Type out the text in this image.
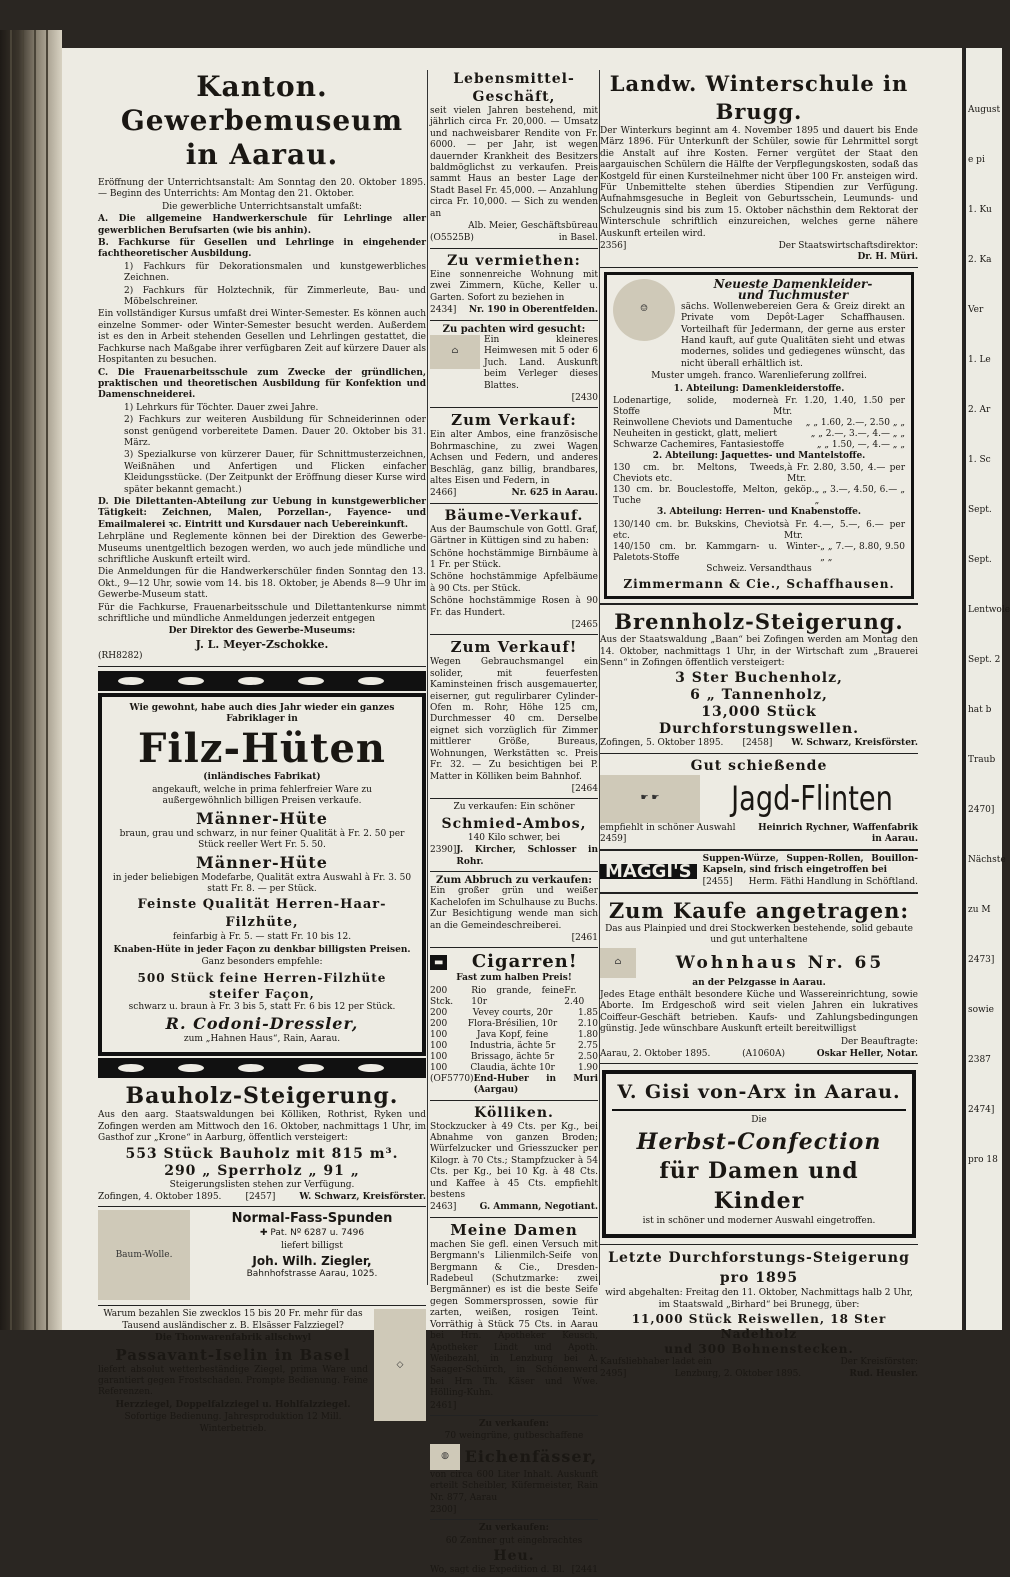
August
e pi
1. Ku
2. Ka
Ver
1. Le
2. Ar
1. Sc
Sept.
Sept.
Lentwole
Sept. 2
hat b
Traub
2470]
Nächste
zu M
2473]
sowie
2387
2474]
pro 18
Kanton. Gewerbemuseum
in Aarau.

Eröffnung der Unterrichtsanstalt: Am Sonntag den 20. Oktober 1895. — Beginn des Unterrichts: Am Montag den 21. Oktober.

Die gewerbliche Unterrichtsanstalt umfaßt:

A. Die allgemeine Handwerkerschule für Lehrlinge aller gewerblichen Berufsarten (wie bis anhin).

B. Fachkurse für Gesellen und Lehrlinge in eingehender fachtheoretischer Ausbildung.

1) Fachkurs für Dekorationsmalen und kunstgewerbliches Zeichnen.

2) Fachkurs für Holztechnik, für Zimmerleute, Bau- und Möbelschreiner.

Ein vollständiger Kursus umfaßt drei Winter-Semester. Es können auch einzelne Sommer- oder Winter-Semester besucht werden. Außerdem ist es den in Arbeit stehenden Gesellen und Lehrlingen gestattet, die Fachkurse nach Maßgabe ihrer verfügbaren Zeit auf kürzere Dauer als Hospitanten zu besuchen.

C. Die Frauenarbeitsschule zum Zwecke der gründlichen, praktischen und theoretischen Ausbildung für Konfektion und Damenschneiderei.

1) Lehrkurs für Töchter. Dauer zwei Jahre.

2) Fachkurs zur weiteren Ausbildung für Schneiderinnen oder sonst genügend vorbereitete Damen. Dauer 20. Oktober bis 31. März.

3) Spezialkurse von kürzerer Dauer, für Schnittmusterzeichnen, Weißnähen und Anfertigen und Flicken einfacher Kleidungsstücke. (Der Zeitpunkt der Eröffnung dieser Kurse wird später bekannt gemacht.)

D. Die Dilettanten-Abteilung zur Uebung in kunstgewerblicher Tätigkeit: Zeichnen, Malen, Porzellan-, Fayence- und Emailmalerei ꝛc. Eintritt und Kursdauer nach Uebereinkunft.

Lehrpläne und Reglemente können bei der Direktion des Gewerbe-Museums unentgeltlich bezogen werden, wo auch jede mündliche und schriftliche Auskunft erteilt wird.

Die Anmeldungen für die Handwerkerschüler finden Sonntag den 13. Okt., 9—12 Uhr, sowie vom 14. bis 18. Oktober, je Abends 8—9 Uhr im Gewerbe-Museum statt.

Für die Fachkurse, Frauenarbeitsschule und Dilettantenkurse nimmt schriftliche und mündliche Anmeldungen jederzeit entgegen

Der Direktor des Gewerbe-Museums:

J. L. Meyer-Zschokke.

(RH8282)

Wie gewohnt, habe auch dies Jahr wieder ein ganzes Fabriklager in

Filz-Hüten

(inländisches Fabrikat)

angekauft, welche in prima fehlerfreier Ware zu außergewöhnlich billigen Preisen verkaufe.

Männer-Hüte

braun, grau und schwarz, in nur feiner Qualität à Fr. 2. 50 per Stück reeller Wert Fr. 5. 50.

Männer-Hüte

in jeder beliebigen Modefarbe, Qualität extra Auswahl à Fr. 3. 50 statt Fr. 8. — per Stück.

Feinste Qualität Herren-Haar-Filzhüte,

feinfarbig à Fr. 5. — statt Fr. 10 bis 12.

Knaben-Hüte in jeder Façon zu denkbar billigsten Preisen.

Ganz besonders empfehle:

500 Stück feine Herren-Filzhüte steifer Façon,

schwarz u. braun à Fr. 3 bis 5, statt Fr. 6 bis 12 per Stück.

R. Codoni-Dressler,

zum „Hahnen Haus“, Rain, Aarau.

Bauholz-Steigerung.

Aus den aarg. Staatswaldungen bei Kölliken, Rothrist, Ryken und Zofingen werden am Mittwoch den 16. Oktober, nachmittags 1 Uhr, im Gasthof zur „Krone“ in Aarburg, öffentlich versteigert:

553 Stück Bauholz mit 815 m³.
290 „ Sperrholz „ 91 „

Steigerungslisten stehen zur Verfügung.

Zofingen, 4. Oktober 1895.	[2457]	W. Schwarz, Kreisförster.
Baum-Wolle.
Normal-Fass-Spunden

✚ Pat. Nº 6287 u. 7496

liefert billigst

Joh. Wilh. Ziegler,

Bahnhofstrasse Aarau, 1025.

Warum bezahlen Sie zwecklos 15 bis 20 Fr. mehr für das Tausend ausländischer z. B. Elsässer Falzziegel?

Die Thonwarenfabrik allschwyl

Passavant-Iselin in Basel

liefert absolut wetterbeständige Ziegel, prima Ware und garantiert gegen Frostschaden. Prompte Bedienung. Feine Referenzen.

Herzziegel, Doppelfalzziegel u. Hohlfalzziegel.

Sofortige Bedienung. Jahresproduktion 12 Mill. Winterbetrieb.

◇
Lebensmittel-Geschäft,

seit vielen Jahren bestehend, mit jährlich circa Fr. 20,000. — Umsatz und nachweisbarer Rendite von Fr. 6000. — per Jahr, ist wegen dauernder Krankheit des Besitzers baldmöglichst zu verkaufen. Preis sammt Haus an bester Lage der Stadt Basel Fr. 45,000. — Anzahlung circa Fr. 10,000. — Sich zu wenden an

Alb. Meier, Geschäftsbüreau

(O5525B)	in Basel.
Zu vermiethen:

Eine sonnenreiche Wohnung mit zwei Zimmern, Küche, Keller u. Garten. Sofort zu beziehen in

2434] Nr. 190 in Oberentfelden.
Zu pachten wird gesucht:
⌂

Ein kleineres Heimwesen mit 5 oder 6 Juch. Land. Auskunft beim Verleger dieses Blattes.

[2430

Zum Verkauf:

Ein alter Ambos, eine französische Bohrmaschine, zu zwei Wagen Achsen und Federn, und anderes Beschläg, ganz billig, brandbares, altes Eisen und Federn, in

2466]	Nr. 625 in Aarau.
Bäume-Verkauf.

Aus der Baumschule von Gottl. Graf, Gärtner in Küttigen sind zu haben:

Schöne hochstämmige Birnbäume à 1 Fr. per Stück.

Schöne hochstämmige Apfelbäume à 90 Cts. per Stück.

Schöne hochstämmige Rosen à 90 Fr. das Hundert.

[2465

Zum Verkauf!

Wegen Gebrauchsmangel ein solider, mit feuerfesten Kaminsteinen frisch ausgemauerter, eiserner, gut regulirbarer Cylinder-Ofen m. Rohr, Höhe 125 cm, Durchmesser 40 cm. Derselbe eignet sich vorzüglich für Zimmer mittlerer Größe, Bureaus, Wohnungen, Werkstätten ꝛc. Preis Fr. 32. — Zu besichtigen bei P. Matter in Kölliken beim Bahnhof.

[2464

Zu verkaufen: Ein schöner

Schmied-Ambos,

140 Kilo schwer, bei

2390] J. Kircher, Schlosser in Rohr.
Zum Abbruch zu verkaufen:

Ein großer grün und weißer Kachelofen im Schulhause zu Buchs. Zur Besichtigung wende man sich an die Gemeindeschreiberei.

[2461

▬	Cigarren!

Fast zum halben Preis!

200 Stck.
Rio grande, feine 10r
Fr. 2.40
200	Vevey courts, 20r	1.85
200 Flora-Brésilien, 10r 2.10
100	Java Kopf, feine	1.80
100	Industria, ächte 5r	2.75
100	Brissago, ächte 5r	2.50
100	Claudia, ächte 10r	1.90
(OF5770) End-Huber in Muri (Aargau)
Kölliken.

Stockzucker à 49 Cts. per Kg., bei Abnahme von ganzen Broden; Würfelzucker und Griesszucker per Kilogr. à 70 Cts.; Stampfzucker à 54 Cts. per Kg., bei 10 Kg. à 48 Cts. und Kaffee à 45 Cts. empfiehlt bestens

2463]	G. Ammann, Negotiant.
Meine Damen

machen Sie gefl. einen Versuch mit Bergmann's Lilienmilch-Seife von Bergmann & Cie., Dresden-Radebeul (Schutzmarke: zwei Bergmänner) es ist die beste Seife gegen Sommersprossen, sowie für zarten, weißen, rosigen Teint. Vorräthig à Stück 75 Cts. in Aarau bei Hrn. Apotheker Keusch, Apotheker Lindt und Apoth. Weibezahl, in Lenzburg bei A. Saager-Schürch, in Schönenwerd bei Hrn Th. Käser und Wwe. Hölling-Kuhn.

2461]

Zu verkaufen:

70 weingrüne, gutbeschaffene

◍ Eichenfässer,

von circa 600 Liter Inhalt. Auskunft erteilt Scheibler, Küfermeister, Rain Nr. 877, Aarau

2300]

Zu verkaufen:

60 Zentner gut eingebrachtes

Heu.
Wo, sagt die Expedition d. Bl. [2441
Landw. Winterschule in Brugg.

Der Winterkurs beginnt am 4. November 1895 und dauert bis Ende März 1896. Für Unterkunft der Schüler, sowie für Lehrmittel sorgt die Anstalt auf ihre Kosten. Ferner vergütet der Staat den aargauischen Schülern die Hälfte der Verpflegungskosten, sodaß das Kostgeld für einen Kursteilnehmer nicht über 100 Fr. ansteigen wird. Für Unbemittelte stehen überdies Stipendien zur Verfügung. Aufnahmsgesuche in Begleit von Geburtsschein, Leumunds- und Schulzeugnis sind bis zum 15. Oktober nächsthin dem Rektorat der Winterschule schriftlich einzureichen, welches gerne nähere Auskunft erteilen wird.

2356]	Der Staatswirtschaftsdirektor:

Dr. H. Müri.

☺
Neueste Damenkleider-
und Tuchmuster

sächs. Wollenwebereien Gera & Greiz direkt an Private vom Depôt-Lager Schaffhausen. Vorteilhaft für Jedermann, der gerne aus erster Hand kauft, auf gute Qualitäten sieht und etwas modernes, solides und gediegenes wünscht, das nicht überall erhältlich ist.

Muster umgeh. franco. Warenlieferung zollfrei.

1. Abteilung: Damenkleiderstoffe.

Lodenartige, solide, moderne Stoffe
à Fr. 1.20, 1.40, 1.50 per Mtr.
Reinwollene Cheviots und Damentuche „ „ 1.60, 2.—, 2.50 „ „
Neuheiten in gestickt, glatt, meliert	„ „ 2.—, 3.—, 4.— „ „
Schwarze Cachemires, Fantasiestoffe	„ „ 1.50, —, 4.— „ „

2. Abteilung: Jaquettes- und Mantelstoffe.

130 cm. br. Meltons, Tweeds, Cheviots etc.
à Fr. 2.80, 3.50, 4.— per Mtr.
130 cm. br. Bouclestoffe, Melton, geköp. Tuche
„ „ 3.—, 4.50, 6.— „ „

3. Abteilung: Herren- und Knabenstoffe.

130/140 cm. br. Bukskins, Cheviots etc.
à Fr. 4.—, 5.—, 6.— per Mtr.
140/150 cm. br. Kammgarn- u. Winter-Paletots-Stoffe
„ „ 7.—, 8.80, 9.50 „ „

Schweiz. Versandthaus

Zimmermann & Cie., Schaffhausen.
Brennholz-Steigerung.

Aus der Staatswaldung „Baan“ bei Zofingen werden am Montag den 14. Oktober, nachmittags 1 Uhr, in der Wirtschaft zum „Brauerei Senn“ in Zofingen öffentlich versteigert:

3 Ster Buchenholz,
6 „ Tannenholz,
13,000 Stück Durchforstungswellen.
Zofingen, 5. Oktober 1895. [2458] W. Schwarz, Kreisförster.
Gut schießende
☛ ☛	Jagd-Flinten
empfiehlt in schöner Auswahl	Heinrich Rychner, Waffenfabrik
2459]	in Aarau.
MAGGI'S

Suppen-Würze, Suppen-Rollen, Bouillon-Kapseln, sind frisch eingetroffen bei

[2455] Herm. Fäthi Handlung in Schöftland.
Zum Kaufe angetragen:

Das aus Plainpied und drei Stockwerken bestehende, solid gebaute und gut unterhaltene

⌂	Wohnhaus Nr. 65

an der Pelzgasse in Aarau.

Jedes Etage enthält besondere Küche und Wassereinrichtung, sowie Aborte. Im Erdgeschoß wird seit vielen Jahren ein lukratives Coiffeur-Geschäft betrieben. Kaufs- und Zahlungsbedingungen günstig. Jede wünschbare Auskunft erteilt bereitwilligst

Der Beauftragte:

Aarau, 2. Oktober 1895.	(A1060A)	Oskar Heller, Notar.
V. Gisi von-Arx in Aarau.

Die

Herbst-Confection
für Damen und Kinder

ist in schöner und moderner Auswahl eingetroffen.

Letzte Durchforstungs-Steigerung pro 1895

wird abgehalten: Freitag den 11. Oktober, Nachmittags halb 2 Uhr, im Staatswald „Birhard“ bei Brunegg, über:

11,000 Stück Reiswellen, 18 Ster Nadelholz
und 300 Bohnenstecken.
Kaufsliebhaber ladet ein	Der Kreisförster:
2495]	Lenzburg, 2. Oktober 1895.	Rud. Heusler.
